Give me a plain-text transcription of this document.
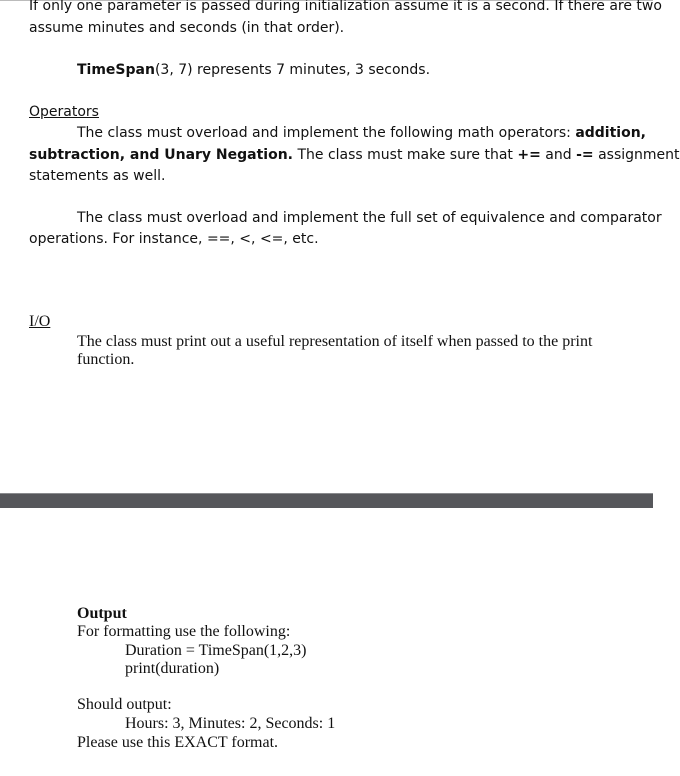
If only one parameter is passed during initialization assume it is a second. If there are two
assume minutes and seconds (in that order).
TimeSpan(3, 7) represents 7 minutes, 3 seconds.
Operators
The class must overload and implement the following math operators: addition,
subtraction, and Unary Negation. The class must make sure that += and -= assignment
statements as well.
The class must overload and implement the full set of equivalence and comparator
operations. For instance, ==, <, <=, etc.
I/O
The class must print out a useful representation of itself when passed to the print
function.
Output
For formatting use the following:
Duration = TimeSpan(1,2,3)
print(duration)
Should output:
Hours: 3, Minutes: 2, Seconds: 1
Please use this EXACT format.
